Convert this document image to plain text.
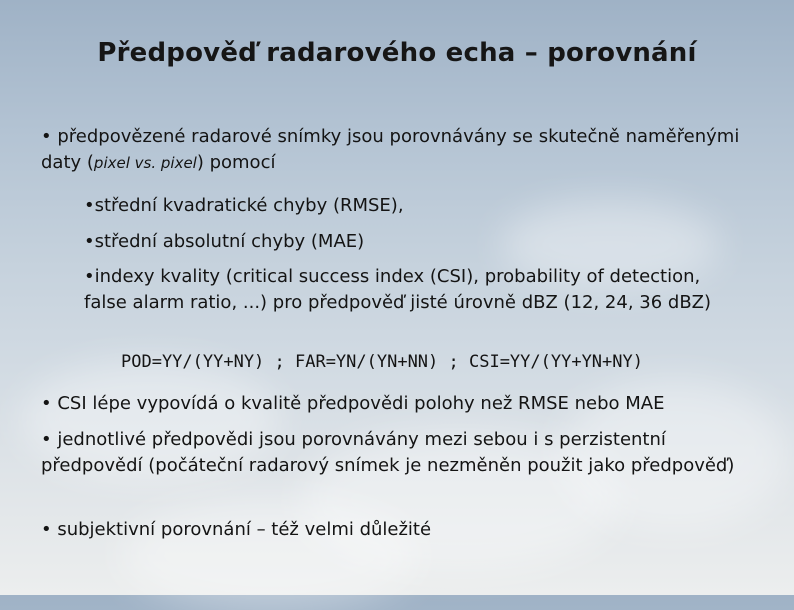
Předpověď radarového echa – porovnání
• předpovězené radarové snímky jsou porovnávány se skutečně naměřenými daty (pixel vs. pixel) pomocí
•střední kvadratické chyby (RMSE),
•střední absolutní chyby (MAE)
•indexy kvality (critical success index (CSI), probability of detection, false alarm ratio, ...) pro předpověď jisté úrovně dBZ (12, 24, 36 dBZ)
POD=YY/(YY+NY) ; FAR=YN/(YN+NN) ; CSI=YY/(YY+YN+NY)
• CSI lépe vypovídá o kvalitě předpovědi polohy než RMSE nebo MAE
• jednotlivé předpovědi jsou porovnávány mezi sebou i s perzistentní předpovědí (počáteční radarový snímek je nezměněn použit jako předpověď)
• subjektivní porovnání – též velmi důležité
